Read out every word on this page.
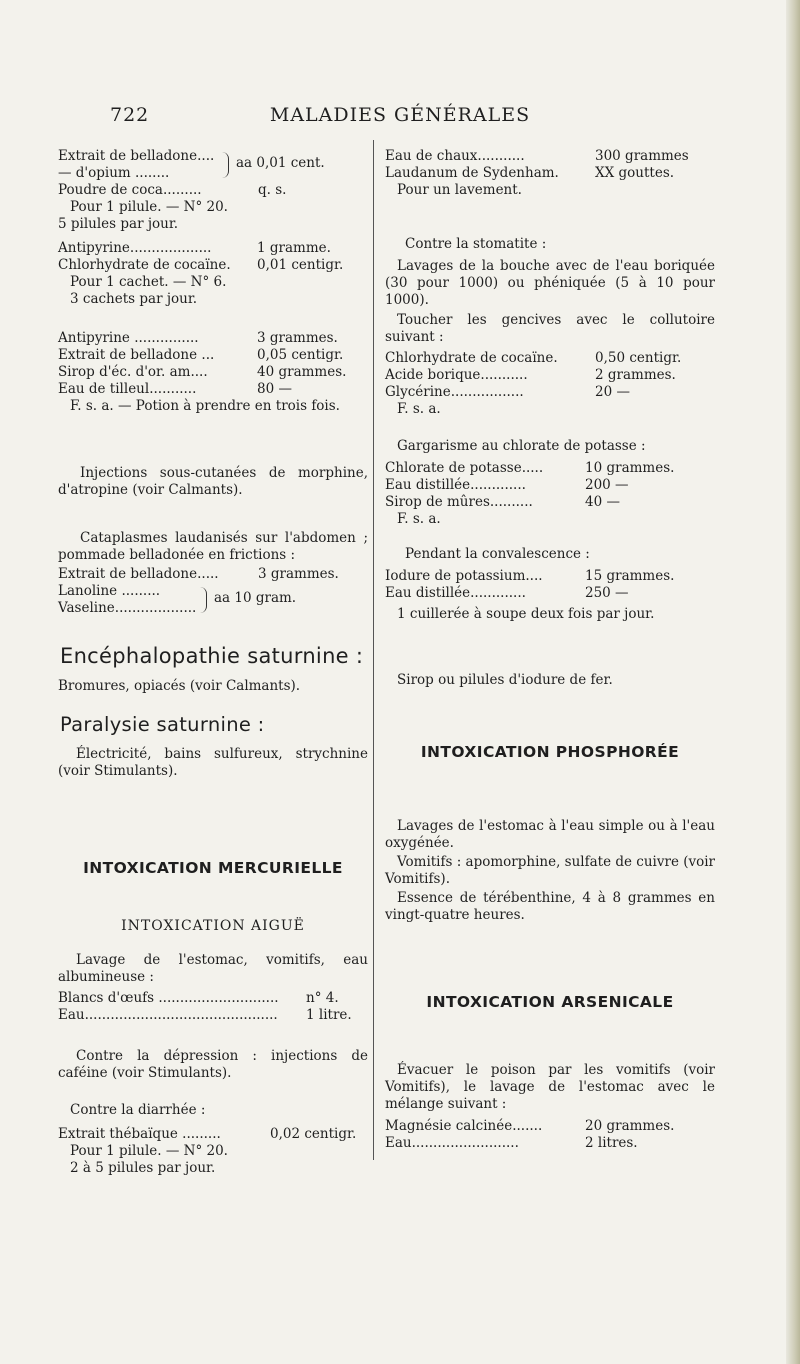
722	MALADIES GÉNÉRALES
Extrait de belladone....
— d'opium ........
aa 0,01 cent.
Poudre de coca.........	q. s.
Pour 1 pilule. — N° 20.
5 pilules par jour.
Antipyrine...................	1 gramme.
Chlorhydrate de cocaïne. 0,01 centigr.
Pour 1 cachet. — N° 6.
3 cachets par jour.
Antipyrine ...............	3 grammes.
Extrait de belladone ...	0,05 centigr.
Sirop d'éc. d'or. am....	40 grammes.
Eau de tilleul...........	80 —

F. s. a. — Potion à prendre en trois fois.

Injections sous-cutanées de morphine, d'atropine (voir Calmants).

Cataplasmes laudanisés sur l'abdomen ; pommade belladonée en frictions :

Extrait de belladone.....	3 grammes.
Lanoline .........
Vaseline...................
aa 10 gram.
Encéphalopathie saturnine :

Bromures, opiacés (voir Calmants).

Paralysie saturnine :

Électricité, bains sulfureux, strychnine (voir Stimulants).

INTOXICATION MERCURIELLE
INTOXICATION AIGUË

Lavage de l'estomac, vomitifs, eau albumineuse :

Blancs d'œufs ............................ n° 4.
Eau............................................. 1 litre.

Contre la dépression : injections de caféine (voir Stimulants).

Contre la diarrhée :

Extrait thébaïque .........	0,02 centigr.
Pour 1 pilule. — N° 20.
2 à 5 pilules par jour.
Eau de chaux...........	300 grammes
Laudanum de Sydenham.	XX gouttes.
Pour un lavement.

Contre la stomatite :

Lavages de la bouche avec de l'eau boriquée (30 pour 1000) ou phéniquée (5 à 10 pour 1000).

Toucher les gencives avec le collutoire suivant :

Chlorhydrate de cocaïne.	0,50 centigr.
Acide borique...........	2 grammes.
Glycérine.................	20 —
F. s. a.

Gargarisme au chlorate de potasse :

Chlorate de potasse.....	10 grammes.
Eau distillée.............	200 —
Sirop de mûres..........	40 —
F. s. a.

Pendant la convalescence :

Iodure de potassium....	15 grammes.
Eau distillée.............	250 —

1 cuillerée à soupe deux fois par jour.

Sirop ou pilules d'iodure de fer.

INTOXICATION PHOSPHORÉE

Lavages de l'estomac à l'eau simple ou à l'eau oxygénée.

Vomitifs : apomorphine, sulfate de cuivre (voir Vomitifs).

Essence de térébenthine, 4 à 8 grammes en vingt-quatre heures.

INTOXICATION ARSENICALE

Évacuer le poison par les vomitifs (voir Vomitifs), le lavage de l'estomac avec le mélange suivant :

Magnésie calcinée.......	20 grammes.
Eau.........................	2 litres.
